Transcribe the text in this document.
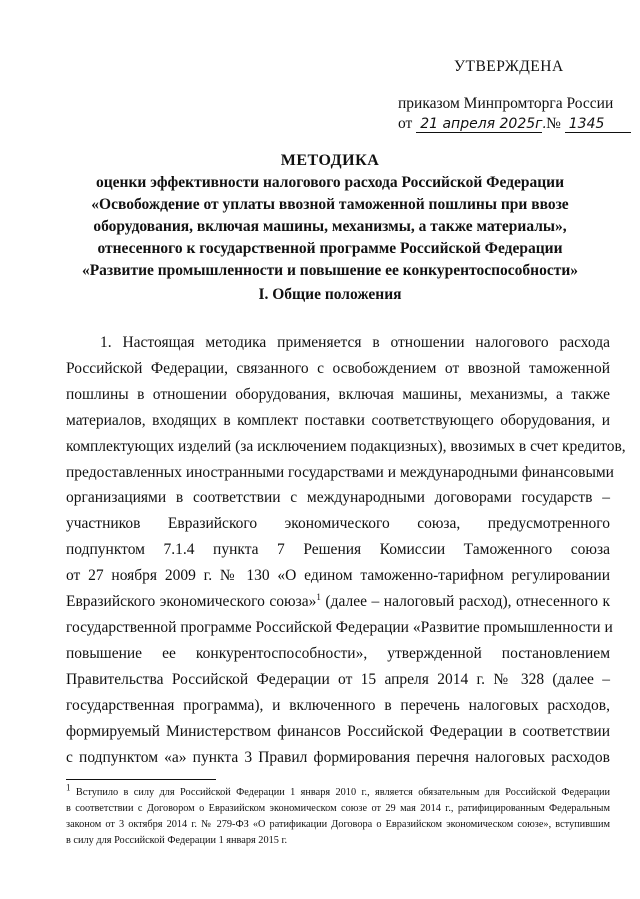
УТВЕРЖДЕНА
приказом Минпромторга России
от 21 апреля 2025г. № 1345
МЕТОДИКА
оценки эффективности налогового расхода Российской Федерации
«Освобождение от уплаты ввозной таможенной пошлины при ввозе
оборудования, включая машины, механизмы, а также материалы»,
отнесенного к государственной программе Российской Федерации
«Развитие промышленности и повышение ее конкурентоспособности»
I. Общие положения
1. Настоящая методика применяется в отношении налогового расхода
Российской Федерации, связанного с освобождением от ввозной таможенной
пошлины в отношении оборудования, включая машины, механизмы, а также
материалов, входящих в комплект поставки соответствующего оборудования, и
комплектующих изделий (за исключением подакцизных), ввозимых в счет кредитов,
предоставленных иностранными государствами и международными финансовыми
организациями в соответствии с международными договорами государств –
участников Евразийского экономического союза, предусмотренного
подпунктом 7.1.4 пункта 7 Решения Комиссии Таможенного союза
от 27 ноября 2009 г. № 130 «О едином таможенно-тарифном регулировании
Евразийского экономического союза»$^1$ (далее – налоговый расход), отнесенного к
государственной программе Российской Федерации «Развитие промышленности и
повышение ее конкурентоспособности», утвержденной постановлением
Правительства Российской Федерации от 15 апреля 2014 г. № 328 (далее –
государственная программа), и включенного в перечень налоговых расходов,
формируемый Министерством финансов Российской Федерации в соответствии
с подпунктом «а» пункта 3 Правил формирования перечня налоговых расходов
$^1$ Вступило в силу для Российской Федерации 1 января 2010 г., является обязательным для Российской Федерации
в соответствии с Договором о Евразийском экономическом союзе от 29 мая 2014 г., ратифицированным Федеральным
законом от 3 октября 2014 г. № 279-ФЗ «О ратификации Договора о Евразийском экономическом союзе», вступившим
в силу для Российской Федерации 1 января 2015 г.
